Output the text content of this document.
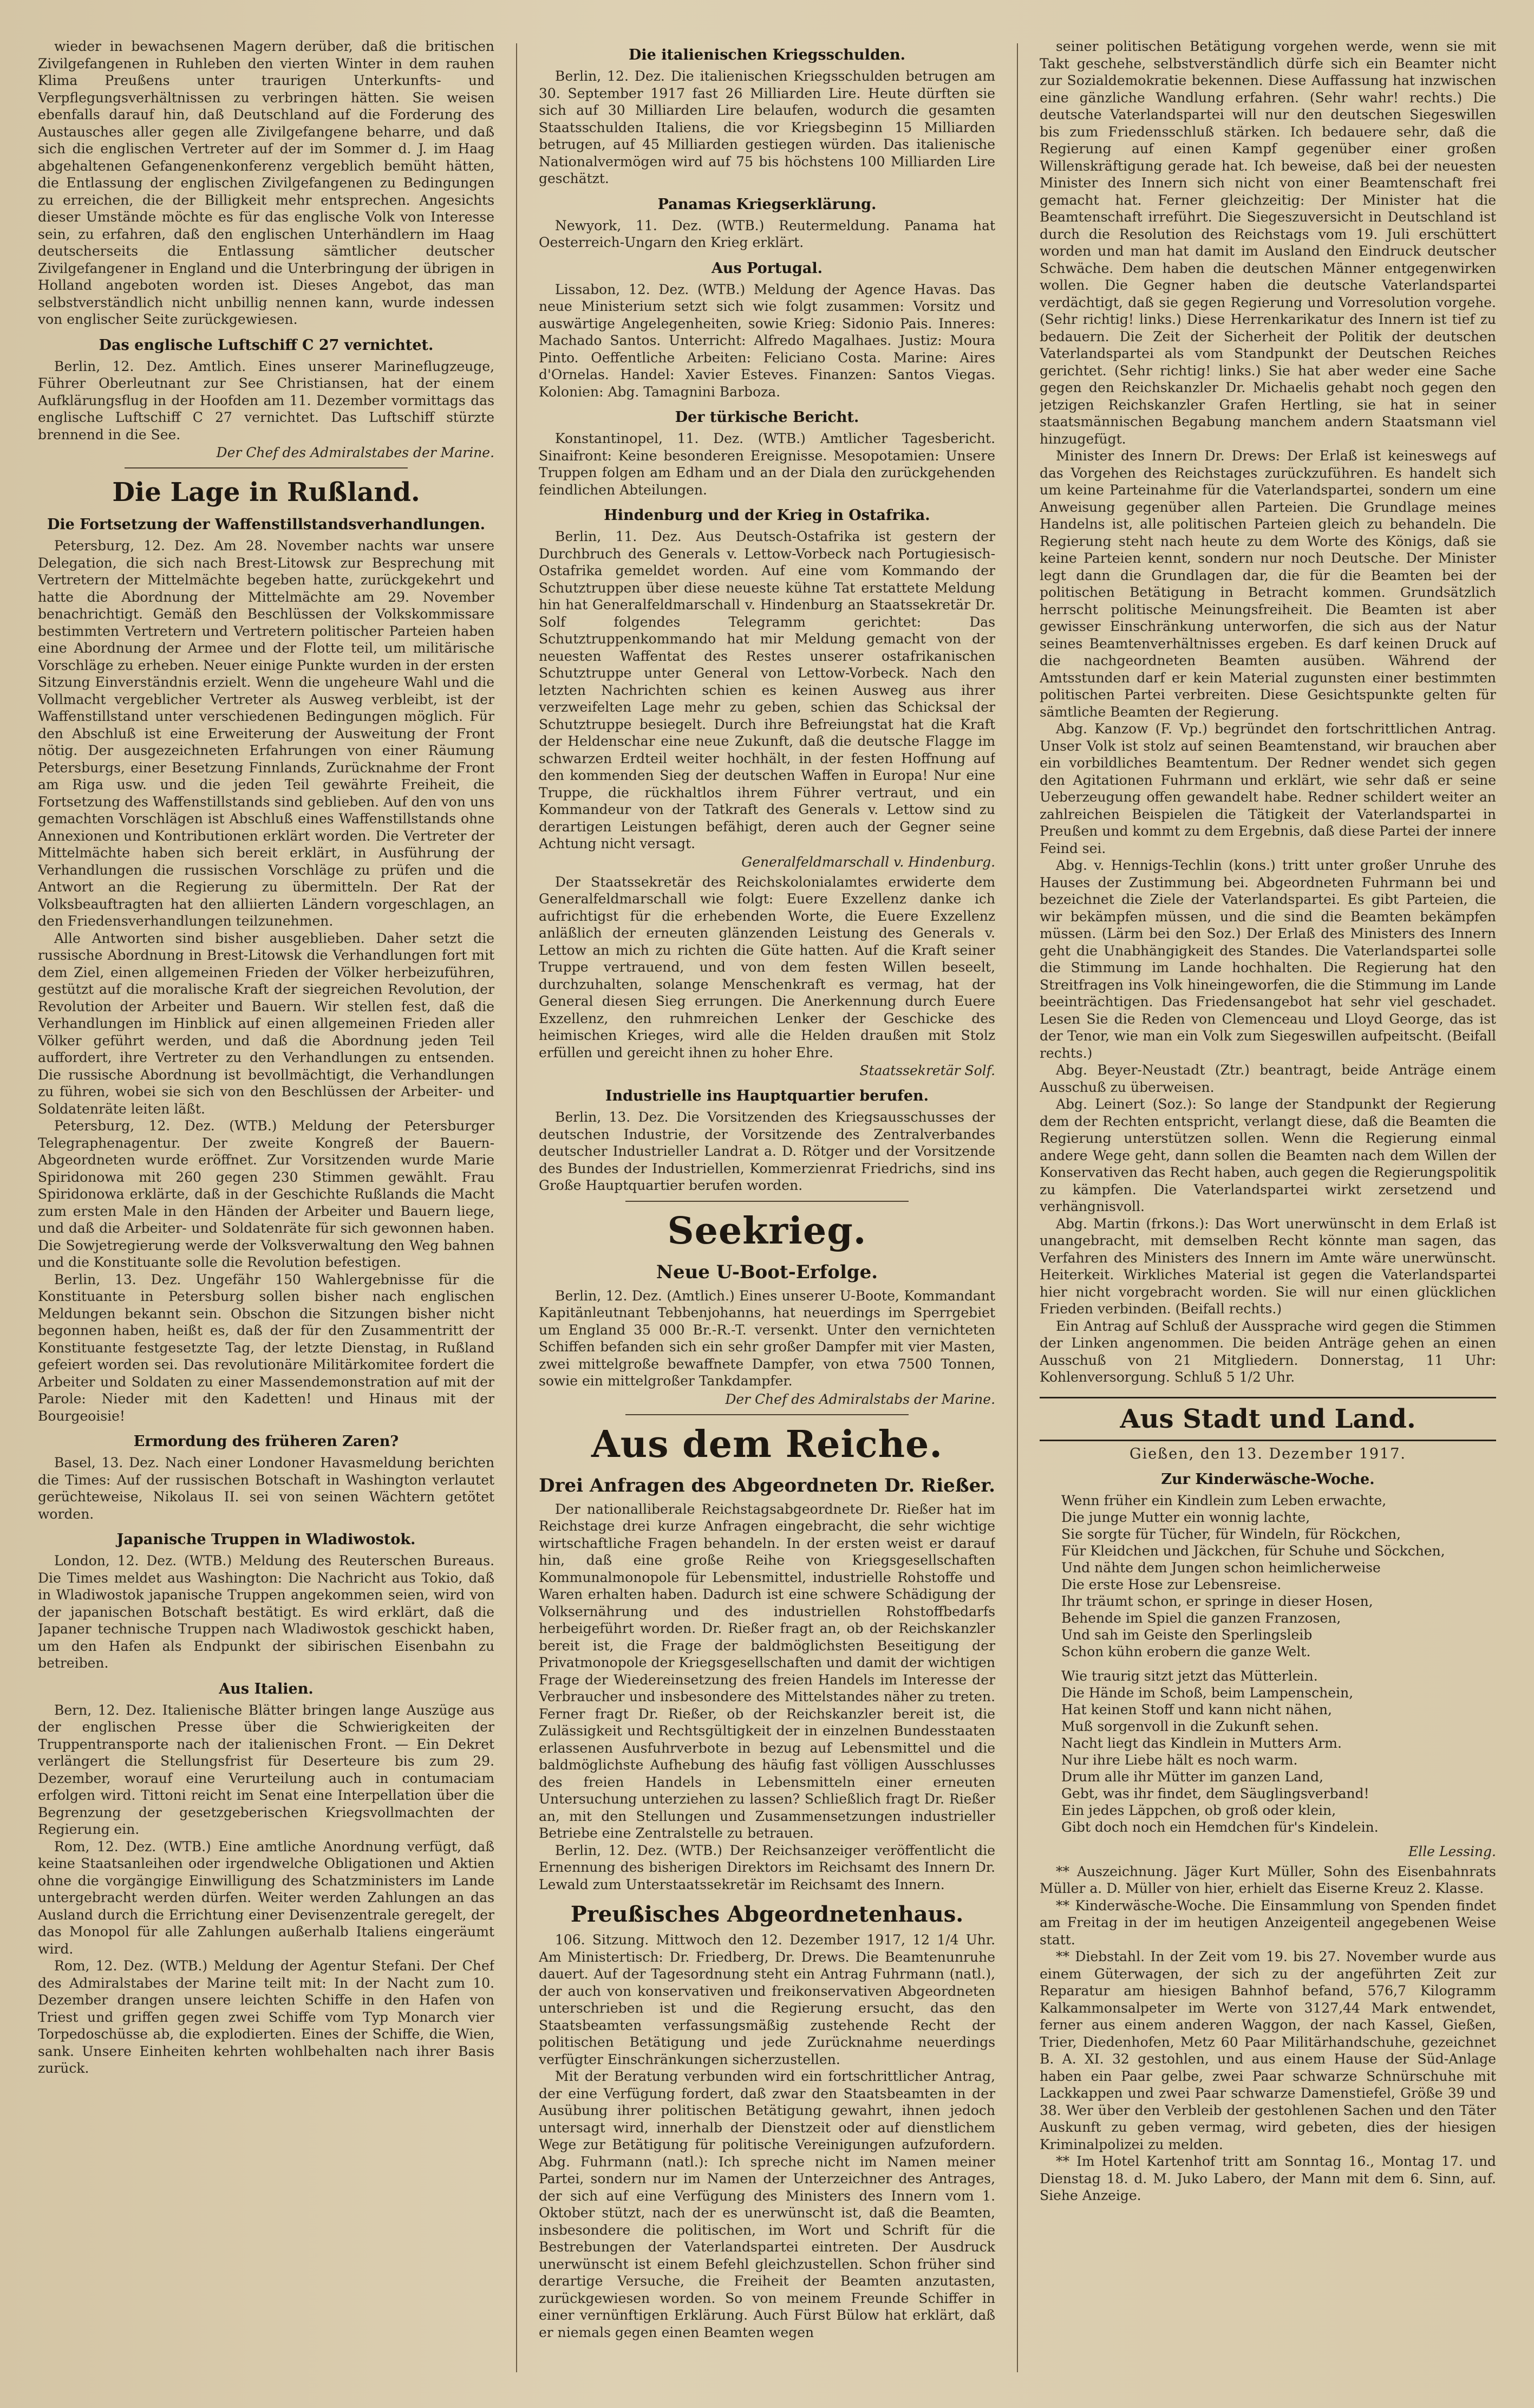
wieder in bewachsenen Magern derüber, daß die britischen Zivilgefangenen in Ruhleben den vierten Winter in dem rauhen Klima Preußens unter traurigen Unterkunfts- und Verpflegungsverhältnissen zu verbringen hätten. Sie weisen ebenfalls darauf hin, daß Deutschland auf die Forderung des Austausches aller gegen alle Zivilgefangene beharre, und daß sich die englischen Vertreter auf der im Sommer d. J. im Haag abgehaltenen Gefangenenkonferenz vergeblich bemüht hätten, die Entlassung der englischen Zivilgefangenen zu Bedingungen zu erreichen, die der Billigkeit mehr entsprechen. Angesichts dieser Umstände möchte es für das englische Volk von Interesse sein, zu erfahren, daß den englischen Unterhändlern im Haag deutscherseits die Entlassung sämtlicher deutscher Zivilgefangener in England und die Unterbringung der übrigen in Holland angeboten worden ist. Dieses Angebot, das man selbstverständlich nicht unbillig nennen kann, wurde indessen von englischer Seite zurückgewiesen.

Das englische Luftschiff C 27 vernichtet.

Berlin, 12. Dez. Amtlich. Eines unserer Marineflugzeuge, Führer Oberleutnant zur See Christiansen, hat der einem Aufklärungsflug in der Hoofden am 11. Dezember vormittags das englische Luftschiff C 27 vernichtet. Das Luftschiff stürzte brennend in die See.

Der Chef des Admiralstabes der Marine.
Die Lage in Rußland.
Die Fortsetzung der Waffenstillstandsverhandlungen.

Petersburg, 12. Dez. Am 28. November nachts war unsere Delegation, die sich nach Brest-Litowsk zur Besprechung mit Vertretern der Mittelmächte begeben hatte, zurückgekehrt und hatte die Abordnung der Mittelmächte am 29. November benachrichtigt. Gemäß den Beschlüssen der Volkskommissare bestimmten Vertretern und Vertretern politischer Parteien haben eine Abordnung der Armee und der Flotte teil, um militärische Vorschläge zu erheben. Neuer einige Punkte wurden in der ersten Sitzung Einverständnis erzielt. Wenn die ungeheure Wahl und die Vollmacht vergeblicher Vertreter als Ausweg verbleibt, ist der Waffenstillstand unter verschiedenen Bedingungen möglich. Für den Abschluß ist eine Erweiterung der Ausweitung der Front nötig. Der ausgezeichneten Erfahrungen von einer Räumung Petersburgs, einer Besetzung Finnlands, Zurücknahme der Front am Riga usw. und die jeden Teil gewährte Freiheit, die Fortsetzung des Waffenstillstands sind geblieben. Auf den von uns gemachten Vorschlägen ist Abschluß eines Waffenstillstands ohne Annexionen und Kontributionen erklärt worden. Die Vertreter der Mittelmächte haben sich bereit erklärt, in Ausführung der Verhandlungen die russischen Vorschläge zu prüfen und die Antwort an die Regierung zu übermitteln. Der Rat der Volksbeauftragten hat den alliierten Ländern vorgeschlagen, an den Friedensverhandlungen teilzunehmen.

Alle Antworten sind bisher ausgeblieben. Daher setzt die russische Abordnung in Brest-Litowsk die Verhandlungen fort mit dem Ziel, einen allgemeinen Frieden der Völker herbeizuführen, gestützt auf die moralische Kraft der siegreichen Revolution, der Revolution der Arbeiter und Bauern. Wir stellen fest, daß die Verhandlungen im Hinblick auf einen allgemeinen Frieden aller Völker geführt werden, und daß die Abordnung jeden Teil auffordert, ihre Vertreter zu den Verhandlungen zu entsenden. Die russische Abordnung ist bevollmächtigt, die Verhandlungen zu führen, wobei sie sich von den Beschlüssen der Arbeiter- und Soldatenräte leiten läßt.

Petersburg, 12. Dez. (WTB.) Meldung der Petersburger Telegraphenagentur. Der zweite Kongreß der Bauern-Abgeordneten wurde eröffnet. Zur Vorsitzenden wurde Marie Spiridonowa mit 260 gegen 230 Stimmen gewählt. Frau Spiridonowa erklärte, daß in der Geschichte Rußlands die Macht zum ersten Male in den Händen der Arbeiter und Bauern liege, und daß die Arbeiter- und Soldatenräte für sich gewonnen haben. Die Sowjetregierung werde der Volksverwaltung den Weg bahnen und die Konstituante solle die Revolution befestigen.

Berlin, 13. Dez. Ungefähr 150 Wahlergebnisse für die Konstituante in Petersburg sollen bisher nach englischen Meldungen bekannt sein. Obschon die Sitzungen bisher nicht begonnen haben, heißt es, daß der für den Zusammentritt der Konstituante festgesetzte Tag, der letzte Dienstag, in Rußland gefeiert worden sei. Das revolutionäre Militärkomitee fordert die Arbeiter und Soldaten zu einer Massendemonstration auf mit der Parole: Nieder mit den Kadetten! und Hinaus mit der Bourgeoisie!

Ermordung des früheren Zaren?

Basel, 13. Dez. Nach einer Londoner Havasmeldung berichten die Times: Auf der russischen Botschaft in Washington verlautet gerüchteweise, Nikolaus II. sei von seinen Wächtern getötet worden.

Japanische Truppen in Wladiwostok.

London, 12. Dez. (WTB.) Meldung des Reuterschen Bureaus. Die Times meldet aus Washington: Die Nachricht aus Tokio, daß in Wladiwostok japanische Truppen angekommen seien, wird von der japanischen Botschaft bestätigt. Es wird erklärt, daß die Japaner technische Truppen nach Wladiwostok geschickt haben, um den Hafen als Endpunkt der sibirischen Eisenbahn zu betreiben.

Aus Italien.

Bern, 12. Dez. Italienische Blätter bringen lange Auszüge aus der englischen Presse über die Schwierigkeiten der Truppentransporte nach der italienischen Front. — Ein Dekret verlängert die Stellungsfrist für Deserteure bis zum 29. Dezember, worauf eine Verurteilung auch in contumaciam erfolgen wird. Tittoni reicht im Senat eine Interpellation über die Begrenzung der gesetzgeberischen Kriegsvollmachten der Regierung ein.

Rom, 12. Dez. (WTB.) Eine amtliche Anordnung verfügt, daß keine Staatsanleihen oder irgendwelche Obligationen und Aktien ohne die vorgängige Einwilligung des Schatzministers im Lande untergebracht werden dürfen. Weiter werden Zahlungen an das Ausland durch die Errichtung einer Devisenzentrale geregelt, der das Monopol für alle Zahlungen außerhalb Italiens eingeräumt wird.

Rom, 12. Dez. (WTB.) Meldung der Agentur Stefani. Der Chef des Admiralstabes der Marine teilt mit: In der Nacht zum 10. Dezember drangen unsere leichten Schiffe in den Hafen von Triest und griffen gegen zwei Schiffe vom Typ Monarch vier Torpedoschüsse ab, die explodierten. Eines der Schiffe, die Wien, sank. Unsere Einheiten kehrten wohlbehalten nach ihrer Basis zurück.

Die italienischen Kriegsschulden.

Berlin, 12. Dez. Die italienischen Kriegsschulden betrugen am 30. September 1917 fast 26 Milliarden Lire. Heute dürften sie sich auf 30 Milliarden Lire belaufen, wodurch die gesamten Staatsschulden Italiens, die vor Kriegsbeginn 15 Milliarden betrugen, auf 45 Milliarden gestiegen würden. Das italienische Nationalvermögen wird auf 75 bis höchstens 100 Milliarden Lire geschätzt.

Panamas Kriegserklärung.

Newyork, 11. Dez. (WTB.) Reutermeldung. Panama hat Oesterreich-Ungarn den Krieg erklärt.

Aus Portugal.

Lissabon, 12. Dez. (WTB.) Meldung der Agence Havas. Das neue Ministerium setzt sich wie folgt zusammen: Vorsitz und auswärtige Angelegenheiten, sowie Krieg: Sidonio Pais. Inneres: Machado Santos. Unterricht: Alfredo Magalhaes. Justiz: Moura Pinto. Oeffentliche Arbeiten: Feliciano Costa. Marine: Aires d'Ornelas. Handel: Xavier Esteves. Finanzen: Santos Viegas. Kolonien: Abg. Tamagnini Barboza.

Der türkische Bericht.

Konstantinopel, 11. Dez. (WTB.) Amtlicher Tagesbericht. Sinaifront: Keine besonderen Ereignisse. Mesopotamien: Unsere Truppen folgen am Edham und an der Diala den zurückgehenden feindlichen Abteilungen.

Hindenburg und der Krieg in Ostafrika.

Berlin, 11. Dez. Aus Deutsch-Ostafrika ist gestern der Durchbruch des Generals v. Lettow-Vorbeck nach Portugiesisch-Ostafrika gemeldet worden. Auf eine vom Kommando der Schutztruppen über diese neueste kühne Tat erstattete Meldung hin hat Generalfeldmarschall v. Hindenburg an Staatssekretär Dr. Solf folgendes Telegramm gerichtet: Das Schutztruppenkommando hat mir Meldung gemacht von der neuesten Waffentat des Restes unserer ostafrikanischen Schutztruppe unter General von Lettow-Vorbeck. Nach den letzten Nachrichten schien es keinen Ausweg aus ihrer verzweifelten Lage mehr zu geben, schien das Schicksal der Schutztruppe besiegelt. Durch ihre Befreiungstat hat die Kraft der Heldenschar eine neue Zukunft, daß die deutsche Flagge im schwarzen Erdteil weiter hochhält, in der festen Hoffnung auf den kommenden Sieg der deutschen Waffen in Europa! Nur eine Truppe, die rückhaltlos ihrem Führer vertraut, und ein Kommandeur von der Tatkraft des Generals v. Lettow sind zu derartigen Leistungen befähigt, deren auch der Gegner seine Achtung nicht versagt.

Generalfeldmarschall v. Hindenburg.

Der Staatssekretär des Reichskolonialamtes erwiderte dem Generalfeldmarschall wie folgt: Euere Exzellenz danke ich aufrichtigst für die erhebenden Worte, die Euere Exzellenz anläßlich der erneuten glänzenden Leistung des Generals v. Lettow an mich zu richten die Güte hatten. Auf die Kraft seiner Truppe vertrauend, und von dem festen Willen beseelt, durchzuhalten, solange Menschenkraft es vermag, hat der General diesen Sieg errungen. Die Anerkennung durch Euere Exzellenz, den ruhmreichen Lenker der Geschicke des heimischen Krieges, wird alle die Helden draußen mit Stolz erfüllen und gereicht ihnen zu hoher Ehre.

Staatssekretär Solf.
Industrielle ins Hauptquartier berufen.

Berlin, 13. Dez. Die Vorsitzenden des Kriegsausschusses der deutschen Industrie, der Vorsitzende des Zentralverbandes deutscher Industrieller Landrat a. D. Rötger und der Vorsitzende des Bundes der Industriellen, Kommerzienrat Friedrichs, sind ins Große Hauptquartier berufen worden.

Seekrieg.
Neue U-Boot-Erfolge.

Berlin, 12. Dez. (Amtlich.) Eines unserer U-Boote, Kommandant Kapitänleutnant Tebbenjohanns, hat neuerdings im Sperrgebiet um England 35 000 Br.-R.-T. versenkt. Unter den vernichteten Schiffen befanden sich ein sehr großer Dampfer mit vier Masten, zwei mittelgroße bewaffnete Dampfer, von etwa 7500 Tonnen, sowie ein mittelgroßer Tankdampfer.

Der Chef des Admiralstabs der Marine.
Aus dem Reiche.
Drei Anfragen des Abgeordneten Dr. Rießer.

Der nationalliberale Reichstagsabgeordnete Dr. Rießer hat im Reichstage drei kurze Anfragen eingebracht, die sehr wichtige wirtschaftliche Fragen behandeln. In der ersten weist er darauf hin, daß eine große Reihe von Kriegsgesellschaften Kommunalmonopole für Lebensmittel, industrielle Rohstoffe und Waren erhalten haben. Dadurch ist eine schwere Schädigung der Volksernährung und des industriellen Rohstoffbedarfs herbeigeführt worden. Dr. Rießer fragt an, ob der Reichskanzler bereit ist, die Frage der baldmöglichsten Beseitigung der Privatmonopole der Kriegsgesellschaften und damit der wichtigen Frage der Wiedereinsetzung des freien Handels im Interesse der Verbraucher und insbesondere des Mittelstandes näher zu treten. Ferner fragt Dr. Rießer, ob der Reichskanzler bereit ist, die Zulässigkeit und Rechtsgültigkeit der in einzelnen Bundesstaaten erlassenen Ausfuhrverbote in bezug auf Lebensmittel und die baldmöglichste Aufhebung des häufig fast völligen Ausschlusses des freien Handels in Lebensmitteln einer erneuten Untersuchung unterziehen zu lassen? Schließlich fragt Dr. Rießer an, mit den Stellungen und Zusammensetzungen industrieller Betriebe eine Zentralstelle zu betrauen.

Berlin, 12. Dez. (WTB.) Der Reichsanzeiger veröffentlicht die Ernennung des bisherigen Direktors im Reichsamt des Innern Dr. Lewald zum Unterstaatssekretär im Reichsamt des Innern.

Preußisches Abgeordnetenhaus.

106. Sitzung. Mittwoch den 12. Dezember 1917, 12 1/4 Uhr. Am Ministertisch: Dr. Friedberg, Dr. Drews. Die Beamtenunruhe dauert. Auf der Tagesordnung steht ein Antrag Fuhrmann (natl.), der auch von konservativen und freikonservativen Abgeordneten unterschrieben ist und die Regierung ersucht, das den Staatsbeamten verfassungsmäßig zustehende Recht der politischen Betätigung und jede Zurücknahme neuerdings verfügter Einschränkungen sicherzustellen.

Mit der Beratung verbunden wird ein fortschrittlicher Antrag, der eine Verfügung fordert, daß zwar den Staatsbeamten in der Ausübung ihrer politischen Betätigung gewahrt, ihnen jedoch untersagt wird, innerhalb der Dienstzeit oder auf dienstlichem Wege zur Betätigung für politische Vereinigungen aufzufordern. Abg. Fuhrmann (natl.): Ich spreche nicht im Namen meiner Partei, sondern nur im Namen der Unterzeichner des Antrages, der sich auf eine Verfügung des Ministers des Innern vom 1. Oktober stützt, nach der es unerwünscht ist, daß die Beamten, insbesondere die politischen, im Wort und Schrift für die Bestrebungen der Vaterlandspartei eintreten. Der Ausdruck unerwünscht ist einem Befehl gleichzustellen. Schon früher sind derartige Versuche, die Freiheit der Beamten anzutasten, zurückgewiesen worden. So von meinem Freunde Schiffer in einer vernünftigen Erklärung. Auch Fürst Bülow hat erklärt, daß er niemals gegen einen Beamten wegen

seiner politischen Betätigung vorgehen werde, wenn sie mit Takt geschehe, selbstverständlich dürfe sich ein Beamter nicht zur Sozialdemokratie bekennen. Diese Auffassung hat inzwischen eine gänzliche Wandlung erfahren. (Sehr wahr! rechts.) Die deutsche Vaterlandspartei will nur den deutschen Siegeswillen bis zum Friedensschluß stärken. Ich bedauere sehr, daß die Regierung auf einen Kampf gegenüber einer großen Willenskräftigung gerade hat. Ich beweise, daß bei der neuesten Minister des Innern sich nicht von einer Beamtenschaft frei gemacht hat. Ferner gleichzeitig: Der Minister hat die Beamtenschaft irreführt. Die Siegeszuversicht in Deutschland ist durch die Resolution des Reichstags vom 19. Juli erschüttert worden und man hat damit im Ausland den Eindruck deutscher Schwäche. Dem haben die deutschen Männer entgegenwirken wollen. Die Gegner haben die deutsche Vaterlandspartei verdächtigt, daß sie gegen Regierung und Vorresolution vorgehe. (Sehr richtig! links.) Diese Herrenkarikatur des Innern ist tief zu bedauern. Die Zeit der Sicherheit der Politik der deutschen Vaterlandspartei als vom Standpunkt der Deutschen Reiches gerichtet. (Sehr richtig! links.) Sie hat aber weder eine Sache gegen den Reichskanzler Dr. Michaelis gehabt noch gegen den jetzigen Reichskanzler Grafen Hertling, sie hat in seiner staatsmännischen Begabung manchem andern Staatsmann viel hinzugefügt.

Minister des Innern Dr. Drews: Der Erlaß ist keineswegs auf das Vorgehen des Reichstages zurückzuführen. Es handelt sich um keine Parteinahme für die Vaterlandspartei, sondern um eine Anweisung gegenüber allen Parteien. Die Grundlage meines Handelns ist, alle politischen Parteien gleich zu behandeln. Die Regierung steht nach heute zu dem Worte des Königs, daß sie keine Parteien kennt, sondern nur noch Deutsche. Der Minister legt dann die Grundlagen dar, die für die Beamten bei der politischen Betätigung in Betracht kommen. Grundsätzlich herrscht politische Meinungsfreiheit. Die Beamten ist aber gewisser Einschränkung unterworfen, die sich aus der Natur seines Beamtenverhältnisses ergeben. Es darf keinen Druck auf die nachgeordneten Beamten ausüben. Während der Amtsstunden darf er kein Material zugunsten einer bestimmten politischen Partei verbreiten. Diese Gesichtspunkte gelten für sämtliche Beamten der Regierung.

Abg. Kanzow (F. Vp.) begründet den fortschrittlichen Antrag. Unser Volk ist stolz auf seinen Beamtenstand, wir brauchen aber ein vorbildliches Beamtentum. Der Redner wendet sich gegen den Agitationen Fuhrmann und erklärt, wie sehr daß er seine Ueberzeugung offen gewandelt habe. Redner schildert weiter an zahlreichen Beispielen die Tätigkeit der Vaterlandspartei in Preußen und kommt zu dem Ergebnis, daß diese Partei der innere Feind sei.

Abg. v. Hennigs-Techlin (kons.) tritt unter großer Unruhe des Hauses der Zustimmung bei. Abgeordneten Fuhrmann bei und bezeichnet die Ziele der Vaterlandspartei. Es gibt Parteien, die wir bekämpfen müssen, und die sind die Beamten bekämpfen müssen. (Lärm bei den Soz.) Der Erlaß des Ministers des Innern geht die Unabhängigkeit des Standes. Die Vaterlandspartei solle die Stimmung im Lande hochhalten. Die Regierung hat den Streitfragen ins Volk hineingeworfen, die die Stimmung im Lande beeinträchtigen. Das Friedensangebot hat sehr viel geschadet. Lesen Sie die Reden von Clemenceau und Lloyd George, das ist der Tenor, wie man ein Volk zum Siegeswillen aufpeitscht. (Beifall rechts.)

Abg. Beyer-Neustadt (Ztr.) beantragt, beide Anträge einem Ausschuß zu überweisen.

Abg. Leinert (Soz.): So lange der Standpunkt der Regierung dem der Rechten entspricht, verlangt diese, daß die Beamten die Regierung unterstützen sollen. Wenn die Regierung einmal andere Wege geht, dann sollen die Beamten nach dem Willen der Konservativen das Recht haben, auch gegen die Regierungspolitik zu kämpfen. Die Vaterlandspartei wirkt zersetzend und verhängnisvoll.

Abg. Martin (frkons.): Das Wort unerwünscht in dem Erlaß ist unangebracht, mit demselben Recht könnte man sagen, das Verfahren des Ministers des Innern im Amte wäre unerwünscht. Heiterkeit. Wirkliches Material ist gegen die Vaterlandspartei hier nicht vorgebracht worden. Sie will nur einen glücklichen Frieden verbinden. (Beifall rechts.)

Ein Antrag auf Schluß der Aussprache wird gegen die Stimmen der Linken angenommen. Die beiden Anträge gehen an einen Ausschuß von 21 Mitgliedern. Donnerstag, 11 Uhr: Kohlenversorgung. Schluß 5 1/2 Uhr.

Aus Stadt und Land.
Gießen, den 13. Dezember 1917.
Zur Kinderwäsche-Woche.
Wenn früher ein Kindlein zum Leben erwachte,
Die junge Mutter ein wonnig lachte,
Sie sorgte für Tücher, für Windeln, für Röckchen,
Für Kleidchen und Jäckchen, für Schuhe und Söckchen,
Und nähte dem Jungen schon heimlicherweise
Die erste Hose zur Lebensreise.
Ihr träumt schon, er springe in dieser Hosen,
Behende im Spiel die ganzen Franzosen,
Und sah im Geiste den Sperlingsleib
Schon kühn erobern die ganze Welt.
Wie traurig sitzt jetzt das Mütterlein.
Die Hände im Schoß, beim Lampenschein,
Hat keinen Stoff und kann nicht nähen,
Muß sorgenvoll in die Zukunft sehen.
Nacht liegt das Kindlein in Mutters Arm.
Nur ihre Liebe hält es noch warm.
Drum alle ihr Mütter im ganzen Land,
Gebt, was ihr findet, dem Säuglingsverband!
Ein jedes Läppchen, ob groß oder klein,
Gibt doch noch ein Hemdchen für's Kindelein.
Elle Lessing.

** Auszeichnung. Jäger Kurt Müller, Sohn des Eisenbahnrats Müller a. D. Müller von hier, erhielt das Eiserne Kreuz 2. Klasse.

** Kinderwäsche-Woche. Die Einsammlung von Spenden findet am Freitag in der im heutigen Anzeigenteil angegebenen Weise statt.

** Diebstahl. In der Zeit vom 19. bis 27. November wurde aus einem Güterwagen, der sich zu der angeführten Zeit zur Reparatur am hiesigen Bahnhof befand, 576,7 Kilogramm Kalkammonsalpeter im Werte von 3127,44 Mark entwendet, ferner aus einem anderen Waggon, der nach Kassel, Gießen, Trier, Diedenhofen, Metz 60 Paar Militärhandschuhe, gezeichnet B. A. XI. 32 gestohlen, und aus einem Hause der Süd-Anlage haben ein Paar gelbe, zwei Paar schwarze Schnürschuhe mit Lackkappen und zwei Paar schwarze Damenstiefel, Größe 39 und 38. Wer über den Verbleib der gestohlenen Sachen und den Täter Auskunft zu geben vermag, wird gebeten, dies der hiesigen Kriminalpolizei zu melden.

** Im Hotel Kartenhof tritt am Sonntag 16., Montag 17. und Dienstag 18. d. M. Juko Labero, der Mann mit dem 6. Sinn, auf. Siehe Anzeige.
